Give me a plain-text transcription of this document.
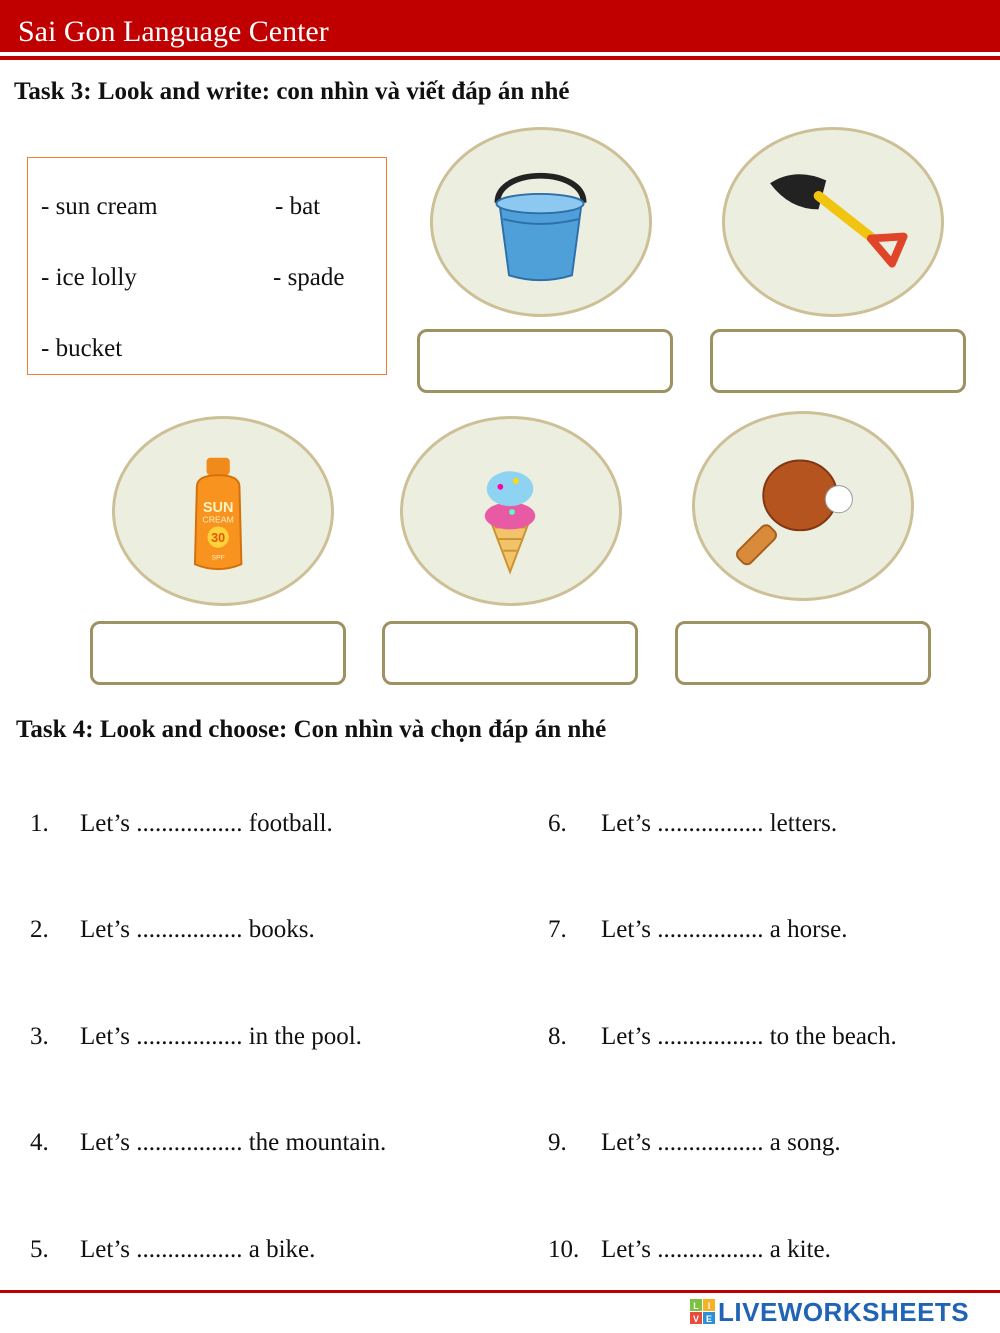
Sai Gon Language Center
Task 3: Look and write: con nhìn và viết đáp án nhé
- sun cream	- bat
- ice lolly	- spade
- bucket
SUN
CREAM
30
SPF
Task 4: Look and choose: Con nhìn và chọn đáp án nhé
1. Let’s ................. football.
2. Let’s ................. books.
3. Let’s ................. in the pool.
4. Let’s ................. the mountain.
5. Let’s ................. a bike.
6. Let’s ................. letters.
7. Let’s ................. a horse.
8. Let’s ................. to the beach.
9. Let’s ................. a song.
10. Let’s ................. a kite.
L I
V E LIVEWORKSHEETS
